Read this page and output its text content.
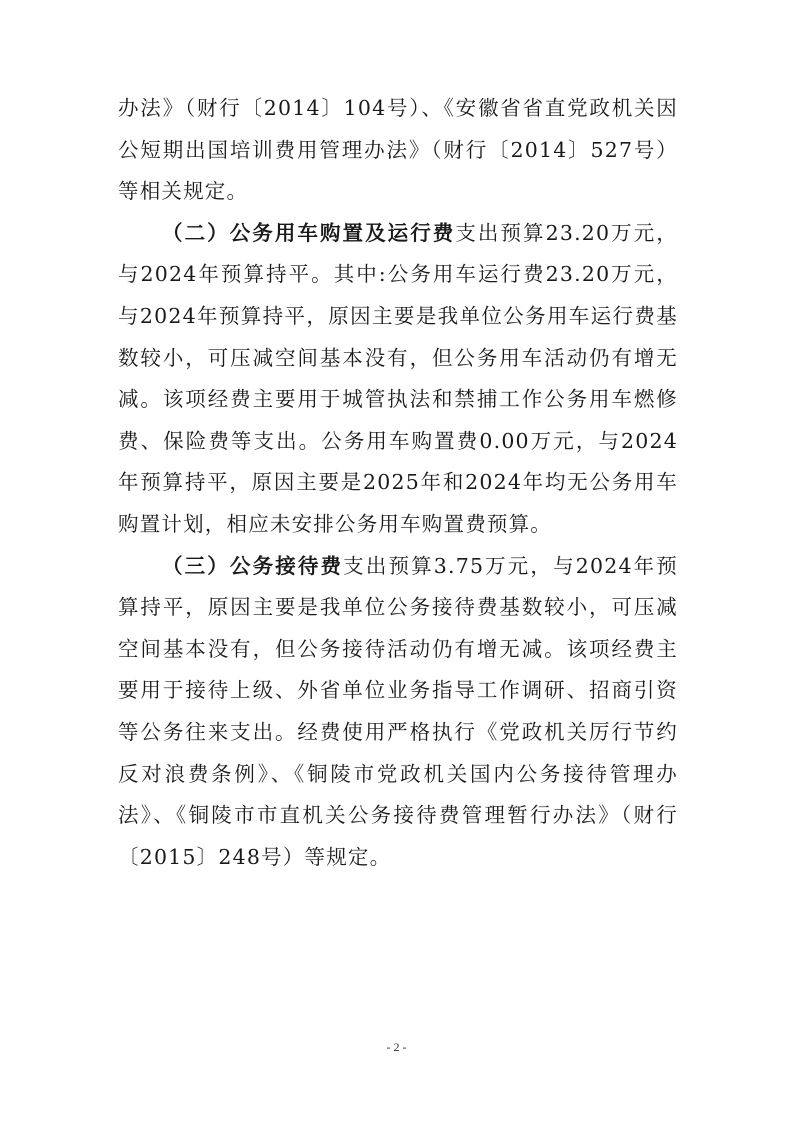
办法》（财行〔2014〕104号）、《安徽省省直党政机关因公短期出国培训费用管理办法》（财行〔2014〕527号）等相关规定。

（二）公务用车购置及运行费支出预算23.20万元，与2024年预算持平。其中:公务用车运行费23.20万元，与2024年预算持平，原因主要是我单位公务用车运行费基数较小，可压减空间基本没有，但公务用车活动仍有增无减。该项经费主要用于城管执法和禁捕工作公务用车燃修费、保险费等支出。公务用车购置费0.00万元，与2024年预算持平，原因主要是2025年和2024年均无公务用车购置计划，相应未安排公务用车购置费预算。

（三）公务接待费支出预算3.75万元，与2024年预算持平，原因主要是我单位公务接待费基数较小，可压减空间基本没有，但公务接待活动仍有增无减。该项经费主要用于接待上级、外省单位业务指导工作调研、招商引资等公务往来支出。经费使用严格执行《党政机关厉行节约反对浪费条例》、《铜陵市党政机关国内公务接待管理办法》、《铜陵市市直机关公务接待费管理暂行办法》（财行〔2015〕248号）等规定。

- 2 -
